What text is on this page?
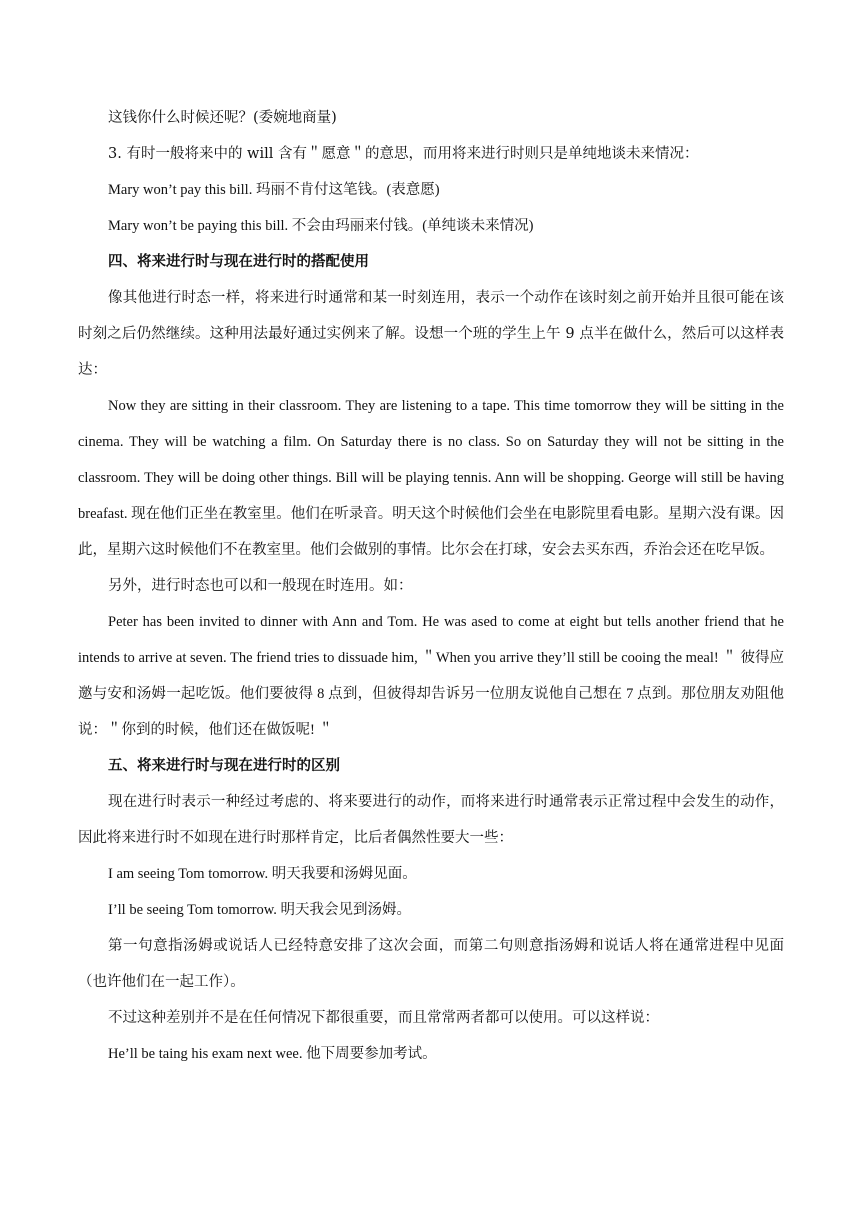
这钱你什么时候还呢？(委婉地商量)

3. 有时一般将来中的 will 含有＂愿意＂的意思，而用将来进行时则只是单纯地谈未来情况：

Mary won’t pay this bill. 玛丽不肯付这笔钱。(表意愿)

Mary won’t be paying this bill. 不会由玛丽来付钱。(单纯谈未来情况)

四、将来进行时与现在进行时的搭配使用

像其他进行时态一样，将来进行时通常和某一时刻连用，表示一个动作在该时刻之前开始并且很可能在该时刻之后仍然继续。这种用法最好通过实例来了解。设想一个班的学生上午 9 点半在做什么，然后可以这样表达：

Now they are sitting in their classroom. They are listening to a tape. This time tomorrow they will be sitting in the cinema. They will be watching a film. On Saturday there is no class. So on Saturday they will not be sitting in the classroom. They will be doing other things. Bill will be playing tennis. Ann will be shopping. George will still be having breafast. 现在他们正坐在教室里。他们在听录音。明天这个时候他们会坐在电影院里看电影。星期六没有课。因此，星期六这时候他们不在教室里。他们会做别的事情。比尔会在打球，安会去买东西，乔治会还在吃早饭。

另外，进行时态也可以和一般现在时连用。如：

Peter has been invited to dinner with Ann and Tom. He was ased to come at eight but tells another friend that he intends to arrive at seven. The friend tries to dissuade him, ＂When you arrive they’ll still be cooing the meal! ＂ 彼得应邀与安和汤姆一起吃饭。他们要彼得 8 点到，但彼得却告诉另一位朋友说他自己想在 7 点到。那位朋友劝阻他说：＂你到的时候，他们还在做饭呢! ＂

五、将来进行时与现在进行时的区别

现在进行时表示一种经过考虑的、将来要进行的动作，而将来进行时通常表示正常过程中会发生的动作，因此将来进行时不如现在进行时那样肯定，比后者偶然性要大一些：

I am seeing Tom tomorrow. 明天我要和汤姆见面。

I’ll be seeing Tom tomorrow. 明天我会见到汤姆。

第一句意指汤姆或说话人已经特意安排了这次会面，而第二句则意指汤姆和说话人将在通常进程中见面（也许他们在一起工作）。

不过这种差别并不是在任何情况下都很重要，而且常常两者都可以使用。可以这样说：

He’ll be taing his exam next wee. 他下周要参加考试。
